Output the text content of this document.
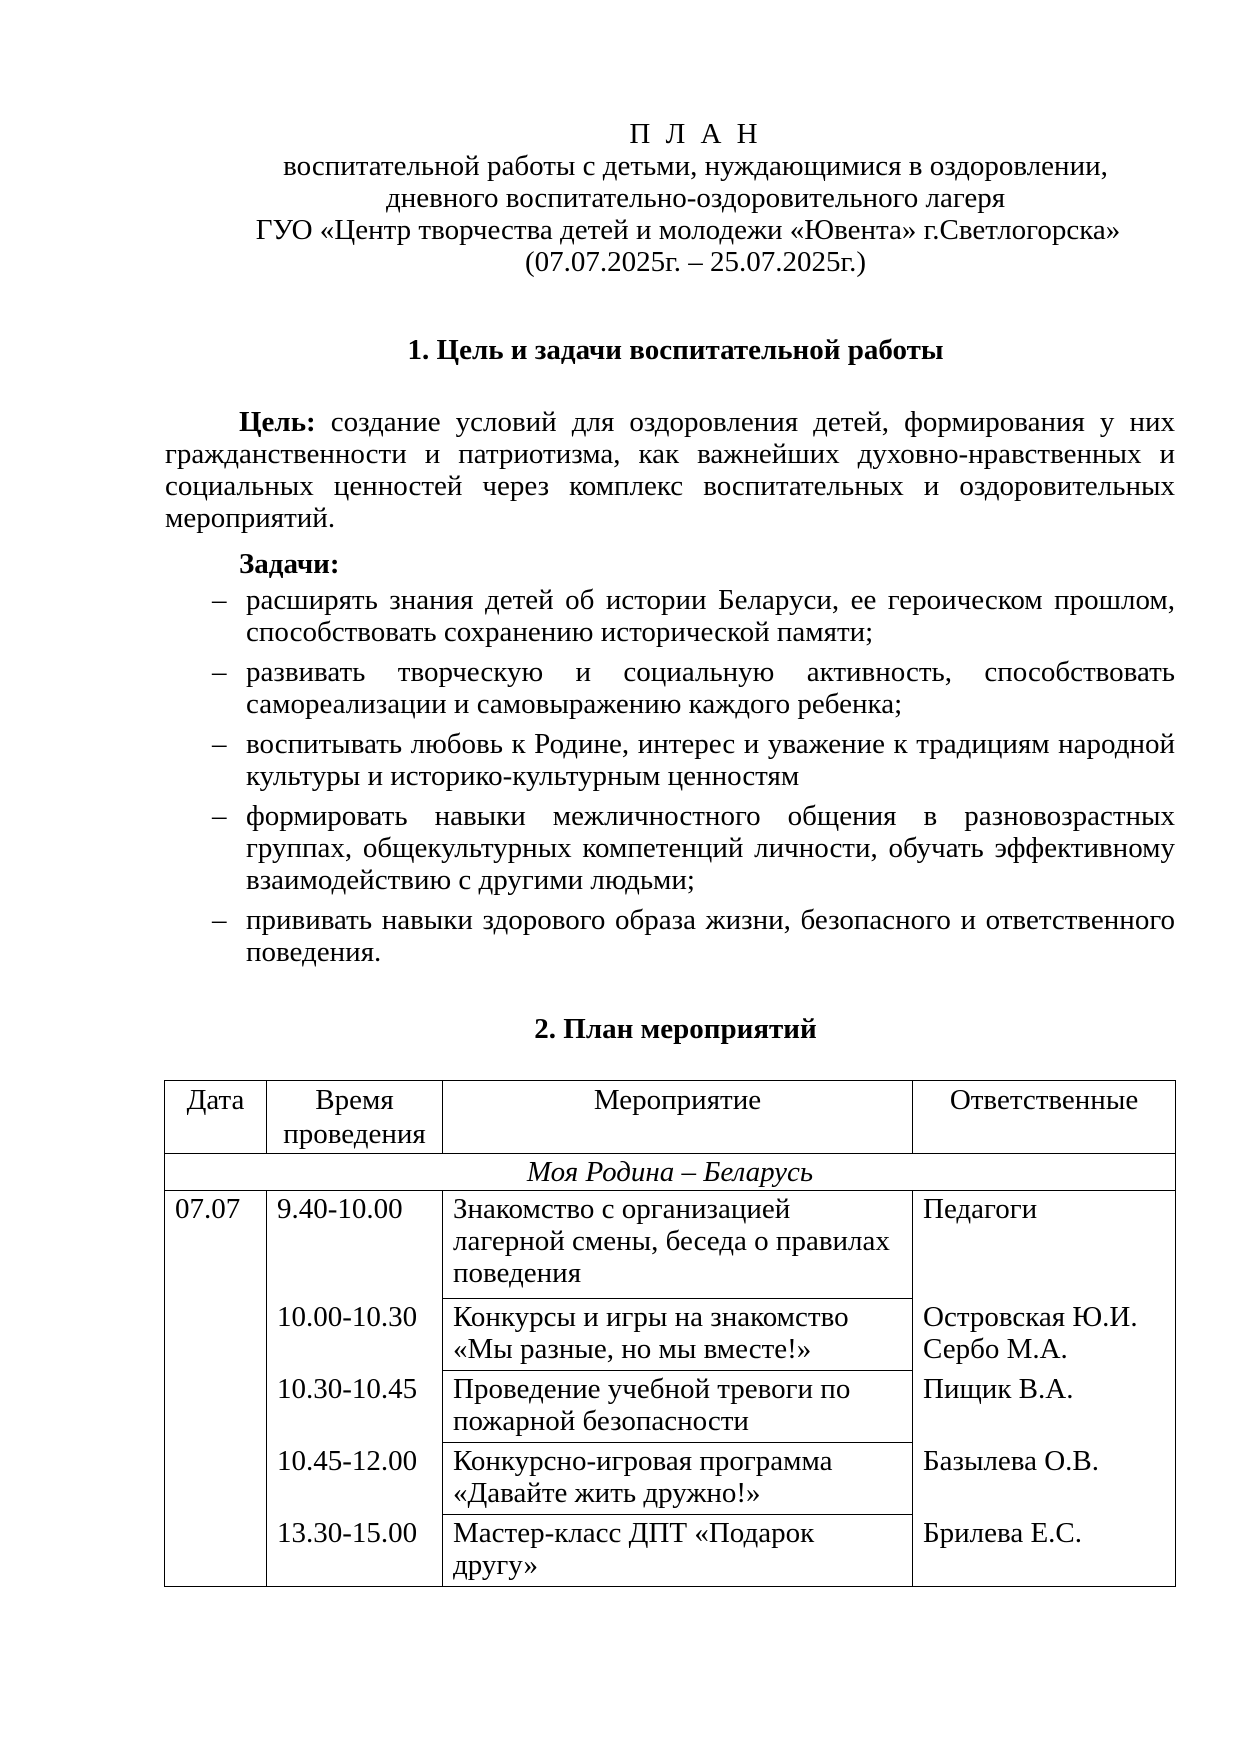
П Л А Н
воспитательной работы с детьми, нуждающимися в оздоровлении,
дневного воспитательно-оздоровительного лагеря
ГУО «Центр творчества детей и молодежи «Ювента» г.Светлогорска»
(07.07.2025г. – 25.07.2025г.)
1. Цель и задачи воспитательной работы

Цель: создание условий для оздоровления детей, формирования у них гражданственности и патриотизма, как важнейших духовно-нравственных и социальных ценностей через комплекс воспитательных и оздоровительных мероприятий.

Задачи:

– расширять знания детей об истории Беларуси, ее героическом прошлом, способствовать сохранению исторической памяти;
– развивать творческую и социальную активность, способствовать самореализации и самовыражению каждого ребенка;
– воспитывать любовь к Родине, интерес и уважение к традициям народной культуры и историко-культурным ценностям
– формировать навыки межличностного общения в разновозрастных группах, общекультурных компетенций личности, обучать эффективному взаимодействию с другими людьми;
– прививать навыки здорового образа жизни, безопасного и ответственного поведения.
2. План мероприятий
Дата	Время проведения	Мероприятие	Ответственные
Моя Родина – Беларусь			
07.07	9.40-10.00	Знакомство с организацией лагерной смены, беседа о правилах поведения	Педагоги
	10.00-10.30	Конкурсы и игры на знакомство «Мы разные, но мы вместе!»	Островская Ю.И. Сербо М.А.
	10.30-10.45	Проведение учебной тревоги по пожарной безопасности	Пищик В.А.
	10.45-12.00	Конкурсно-игровая программа «Давайте жить дружно!»	Базылева О.В.
	13.30-15.00	Мастер-класс ДПТ «Подарок другу»	Брилева Е.С.
